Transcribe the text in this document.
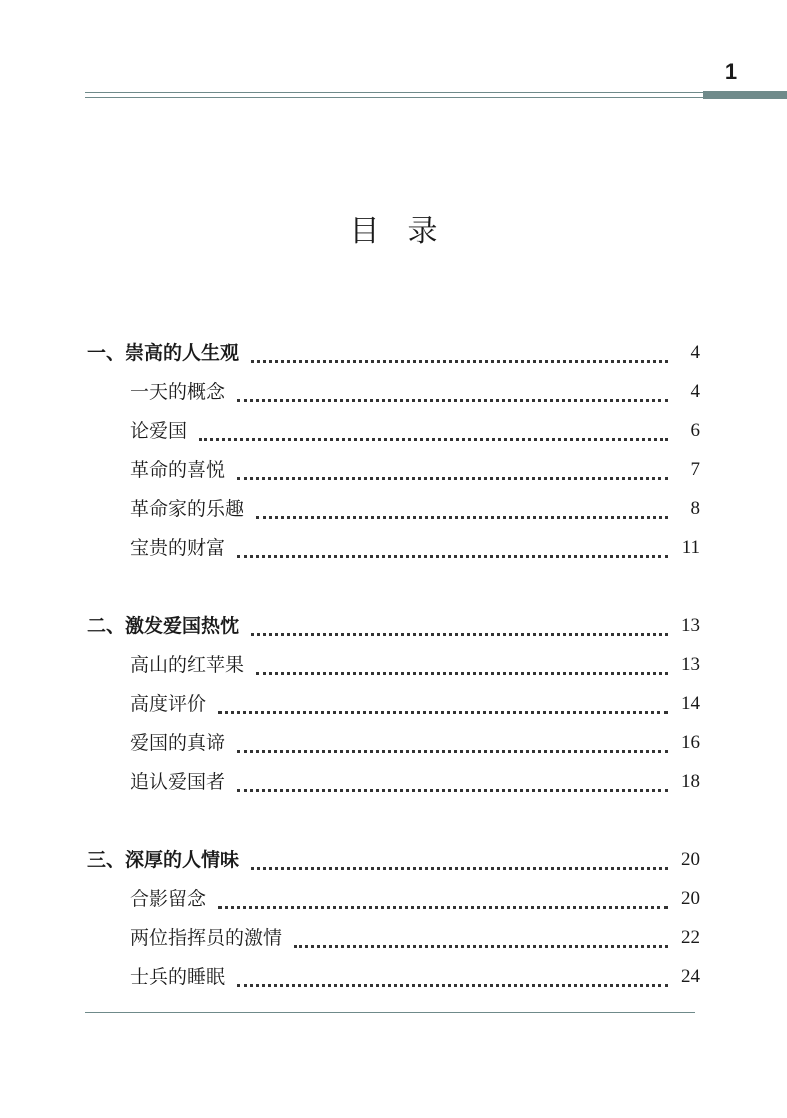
1
目录
一、崇高的人生观	4
一天的概念	4
论爱国	6
革命的喜悦	7
革命家的乐趣	8
宝贵的财富	11
二、激发爱国热忱	13
高山的红苹果	13
高度评价	14
爱国的真谛	16
追认爱国者	18
三、深厚的人情味	20
合影留念	20
两位指挥员的激情	22
士兵的睡眠	24
